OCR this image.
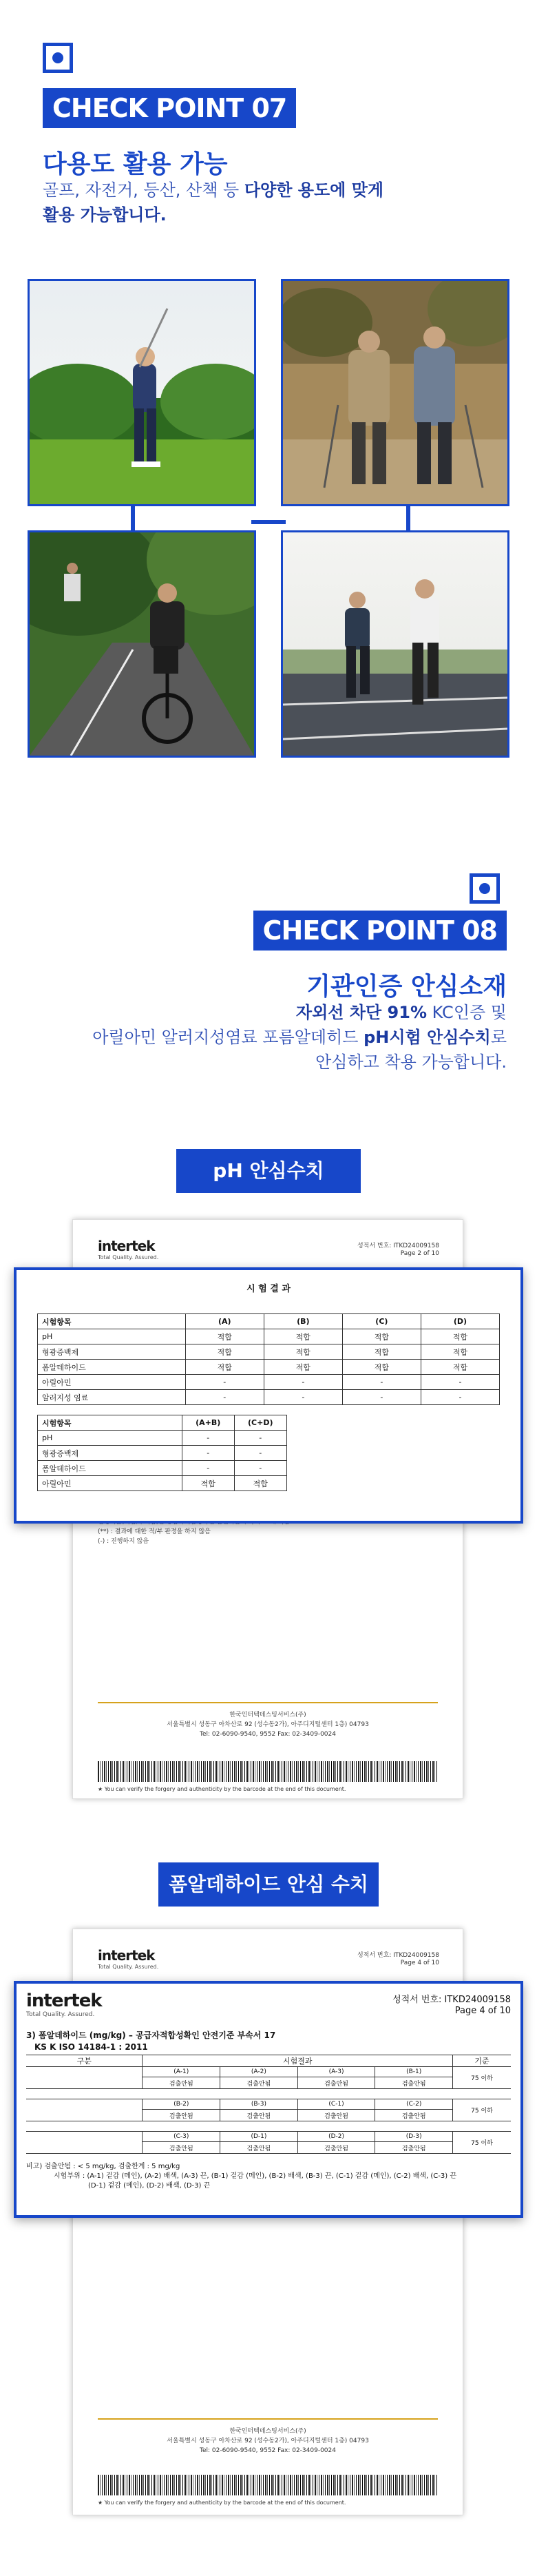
CHECK POINT 07
다용도 활용 가능
골프, 자전거, 등산, 산책 등 다양한 용도에 맞게
활용 가능합니다.
CHECK POINT 08
기관인증 안심소재
자외선 차단 91% KC인증 및
아릴아민 알러지성염료 포름알데히드 pH시험 안심수치로
안심하고 착용 가능합니다.
pH 안심수치
intertek
Total Quality. Assured.
성적서 번호: ITKD24009158
Page 2 of 10
(**) : 결과에 대한 적/부 판정을 하지 않음
(-) : 진행하지 않음
한국인터텍테스팅서비스(주)
서울특별시 성동구 아차산로 92 (성수동2가), 아주디지털센터 1층) 04793
Tel: 02-6090-9540, 9552 Fax: 02-3409-0024
★ You can verify the forgery and authenticity by the barcode at the end of this document.
시 험 결 과
시험항목	(A)	(B)	(C)	(D)
pH	적합	적합	적합	적합
형광증백제	적합	적합	적합	적합
폼알데하이드	적합	적합	적합	적합
아릴아민	-	-	-	-
알러지성 염료	-	-	-	-
시험항목	(A+B)	(C+D)
pH	-	-
형광증백제	-	-
폼알데하이드	-	-
아릴아민	적합	적합
폼알데하이드 안심 수치
intertek
Total Quality. Assured.
성적서 번호: ITKD24009158
Page 4 of 10
한국인터텍테스팅서비스(주)
서울특별시 성동구 아차산로 92 (성수동2가), 아주디지털센터 1층) 04793
Tel: 02-6090-9540, 9552 Fax: 02-3409-0024
★ You can verify the forgery and authenticity by the barcode at the end of this document.
intertek
Total Quality. Assured.
성적서 번호: ITKD24009158
Page 4 of 10
3) 폼알데하이드 (mg/kg) – 공급자적합성확인 안전기준 부속서 17
KS K ISO 14184-1 : 2011
구분	시험결과				기준
	(A-1)	(A-2)	(A-3)	(B-1)	75 이하
	검출안됨	검출안됨	검출안됨	검출안됨	

	(B-2)	(B-3)	(C-1)	(C-2)	75 이하
	검출안됨	검출안됨	검출안됨	검출안됨	

	(C-3)	(D-1)	(D-2)	(D-3)	75 이하
	검출안됨	검출안됨	검출안됨	검출안됨	
비고) 검출안됨 : < 5 mg/kg, 검출한계 : 5 mg/kg
시험부위 : (A-1) 겉감 (메인), (A-2) 배색, (A-3) 끈, (B-1) 겉감 (메인), (B-2) 배색, (B-3) 끈, (C-1) 겉감 (메인), (C-2) 배색, (C-3) 끈
(D-1) 겉감 (메인), (D-2) 배색, (D-3) 끈
